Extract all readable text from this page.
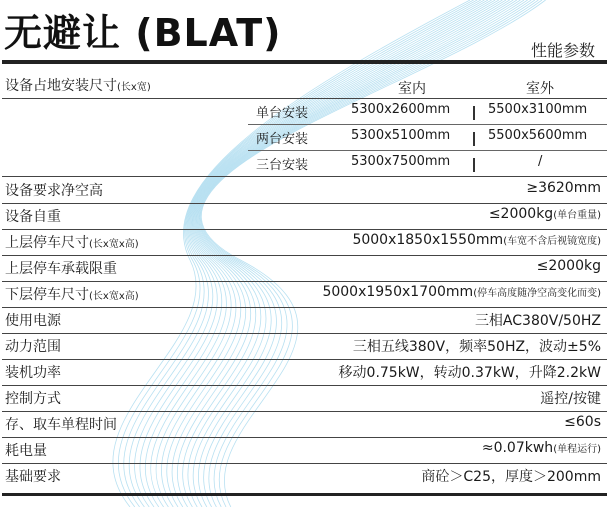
无避让 (BLAT)	性能参数
设备占地安装尺寸(长x宽)	室内	室外
单台安装	5300x2600mm	5500x3100mm
两台安装	5300x5100mm	5500x5600mm
三台安装	5300x7500mm	/
设备要求净空高	≥3620mm
设备自重	≤2000kg(单台重量)
上层停车尺寸(长x宽x高)	5000x1850x1550mm(车宽不含后视镜宽度)
上层停车承载限重	≤2000kg
下层停车尺寸(长x宽x高)	5000x1950x1700mm(停车高度随净空高变化而变)
使用电源	三相AC380V/50HZ
动力范围	三相五线380V，频率50HZ，波动±5%
装机功率	移动0.75kW，转动0.37kW，升降2.2kW
控制方式	遥控/按键
存、取车单程时间	≤60s
耗电量	≈0.07kwh(单程运行)
基础要求	商砼＞C25，厚度＞200mm
